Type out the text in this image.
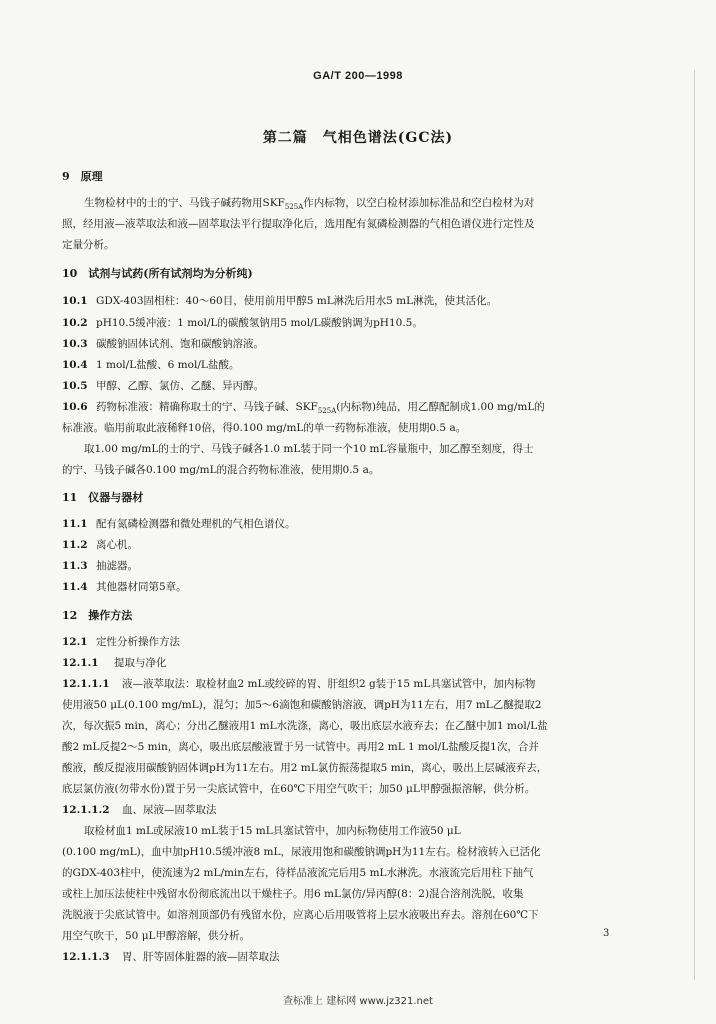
GA/T 200—1998
第二篇　气相色谱法(GC法)
9　原理
生物检材中的士的宁、马钱子碱药物用$SKF_{525A}$作内标物，以空白检材添加标准品和空白检材为对
照，经用液—液萃取法和液—固萃取法平行提取净化后，选用配有氮磷检测器的气相色谱仪进行定性及
定量分析。
10　试剂与试药(所有试剂均为分析纯)
10.1 GDX-403固相柱：40～60目，使用前用甲醇5 mL淋洗后用水5 mL淋洗，使其活化。
10.2 pH10.5缓冲液：1 mol/L的碳酸氢钠用5 mol/L碳酸钠调为pH10.5。
10.3 碳酸钠固体试剂、饱和碳酸钠溶液。
10.4 1 mol/L盐酸、6 mol/L盐酸。
10.5 甲醇、乙醇、氯仿、乙醚、异丙醇。
10.6 药物标准液：精确称取士的宁、马钱子碱、$SKF_{525A}$(内标物)纯品，用乙醇配制成1.00 mg/mL的
标准液。临用前取此液稀释10倍，得0.100 mg/mL的单一药物标准液，使用期0.5 a。
取1.00 mg/mL的士的宁、马钱子碱各1.0 mL装于同一个10 mL容量瓶中，加乙醇至刻度，得士
的宁、马钱子碱各0.100 mg/mL的混合药物标准液，使用期0.5 a。
11　仪器与器材
11.1 配有氮磷检测器和微处理机的气相色谱仪。
11.2 离心机。
11.3 抽滤器。
11.4 其他器材同第5章。
12　操作方法
12.1 定性分析操作方法
12.1.1 提取与净化
12.1.1.1 液—液萃取法：取检材血2 mL或绞碎的胃、肝组织2 g装于15 mL具塞试管中，加内标物
使用液50 μL(0.100 mg/mL)，混匀；加5～6滴饱和碳酸钠溶液，调pH为11左右，用7 mL乙醚提取2
次，每次振5 min，离心；分出乙醚液用1 mL水洗涤，离心，吸出底层水液弃去；在乙醚中加1 mol/L盐
酸2 mL反提2～5 min，离心，吸出底层酸液置于另一试管中。再用2 mL 1 mol/L盐酸反提1次，合并
酸液，酸反提液用碳酸钠固体调pH为11左右。用2 mL氯仿振荡提取5 min，离心，吸出上层碱液弃去，
底层氯仿液(勿带水份)置于另一尖底试管中，在60℃下用空气吹干；加50 μL甲醇强振溶解，供分析。
12.1.1.2 血、尿液—固萃取法
取检材血1 mL或尿液10 mL装于15 mL具塞试管中，加内标物使用工作液50 μL
(0.100 mg/mL)，血中加pH10.5缓冲液8 mL，尿液用饱和碳酸钠调pH为11左右。检材液转入已活化
的GDX-403柱中，使流速为2 mL/min左右，待样品液流完后用5 mL水淋洗。水液流完后用柱下抽气
或柱上加压法使柱中残留水份彻底流出以干燥柱子。用6 mL氯仿/异丙醇(8：2)混合溶剂洗脱，收集
洗脱液于尖底试管中。如溶剂顶部仍有残留水份，应离心后用吸管将上层水液吸出弃去。溶剂在60℃下
用空气吹干，50 μL甲醇溶解，供分析。
12.1.1.3 胃、肝等固体脏器的液—固萃取法
3
查标准上 建标网 www.jz321.net
